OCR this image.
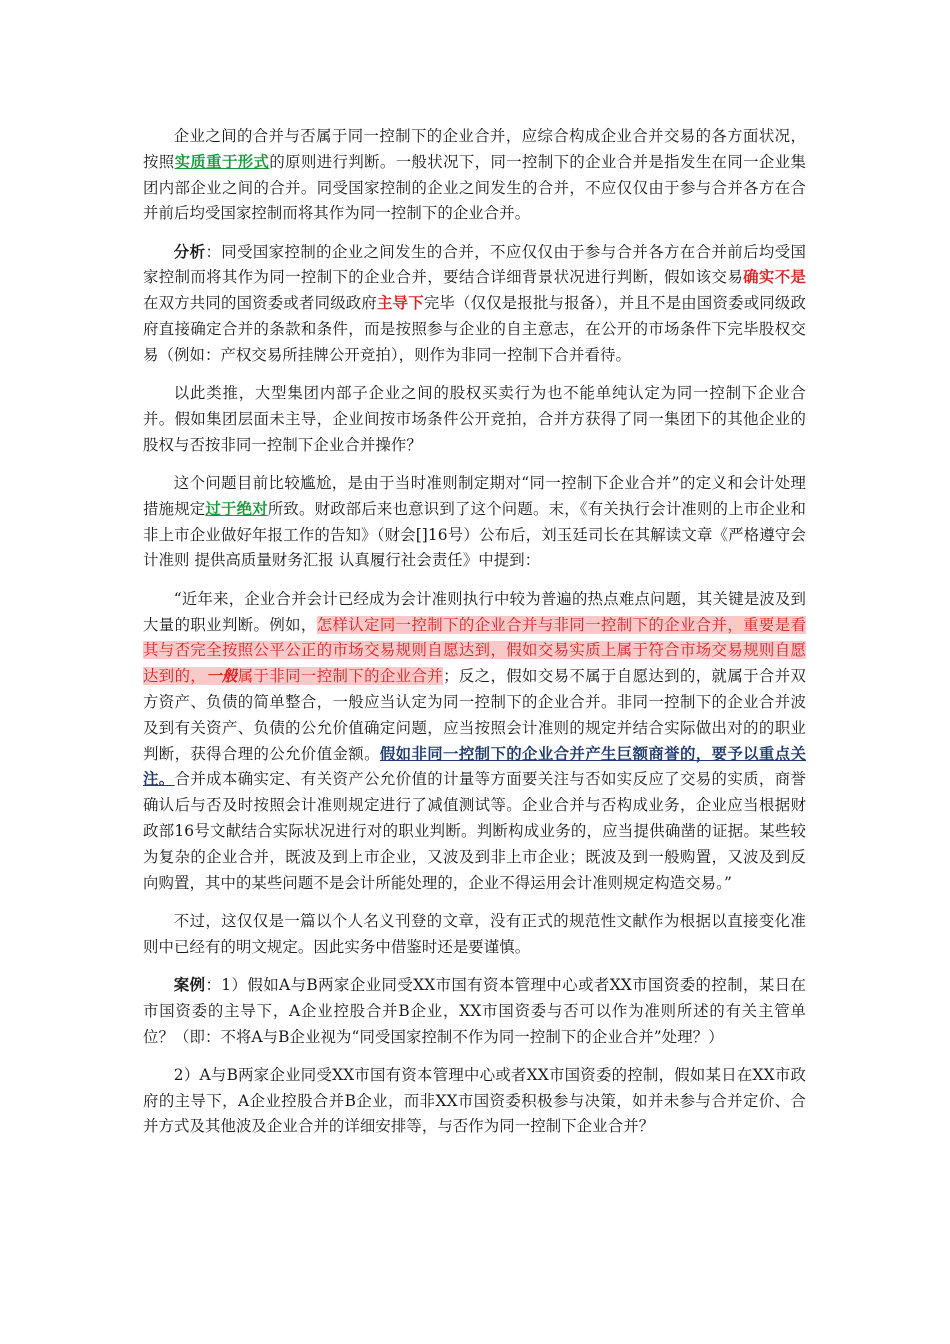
企业之间的合并与否属于同一控制下的企业合并，应综合构成企业合并交易的各方面状况，按照实质重于形式的原则进行判断。一般状况下，同一控制下的企业合并是指发生在同一企业集团内部企业之间的合并。同受国家控制的企业之间发生的合并，不应仅仅由于参与合并各方在合并前后均受国家控制而将其作为同一控制下的企业合并。

分析：同受国家控制的企业之间发生的合并，不应仅仅由于参与合并各方在合并前后均受国家控制而将其作为同一控制下的企业合并，要结合详细背景状况进行判断，假如该交易确实不是在双方共同的国资委或者同级政府主导下完毕（仅仅是报批与报备），并且不是由国资委或同级政府直接确定合并的条款和条件，而是按照参与企业的自主意志，在公开的市场条件下完毕股权交易（例如：产权交易所挂牌公开竞拍），则作为非同一控制下合并看待。

以此类推，大型集团内部子企业之间的股权买卖行为也不能单纯认定为同一控制下企业合并。假如集团层面未主导，企业间按市场条件公开竞拍，合并方获得了同一集团下的其他企业的股权与否按非同一控制下企业合并操作？

这个问题目前比较尴尬，是由于当时准则制定期对“同一控制下企业合并”的定义和会计处理措施规定过于绝对所致。财政部后来也意识到了这个问题。末，《有关执行会计准则的上市企业和非上市企业做好年报工作的告知》（财会[]16号）公布后，刘玉廷司长在其解读文章《严格遵守会计准则 提供高质量财务汇报 认真履行社会责任》中提到：

“近年来，企业合并会计已经成为会计准则执行中较为普遍的热点难点问题，其关键是波及到大量的职业判断。例如，怎样认定同一控制下的企业合并与非同一控制下的企业合并，重要是看其与否完全按照公平公正的市场交易规则自愿达到，假如交易实质上属于符合市场交易规则自愿达到的，一般属于非同一控制下的企业合并；反之，假如交易不属于自愿达到的，就属于合并双方资产、负债的简单整合，一般应当认定为同一控制下的企业合并。非同一控制下的企业合并波及到有关资产、负债的公允价值确定问题，应当按照会计准则的规定并结合实际做出对的的职业判断，获得合理的公允价值金额。假如非同一控制下的企业合并产生巨额商誉的，要予以重点关注。合并成本确实定、有关资产公允价值的计量等方面要关注与否如实反应了交易的实质，商誉确认后与否及时按照会计准则规定进行了减值测试等。企业合并与否构成业务，企业应当根据财政部16号文献结合实际状况进行对的职业判断。判断构成业务的，应当提供确凿的证据。某些较为复杂的企业合并，既波及到上市企业，又波及到非上市企业；既波及到一般购置，又波及到反向购置，其中的某些问题不是会计所能处理的，企业不得运用会计准则规定构造交易。”

不过，这仅仅是一篇以个人名义刊登的文章，没有正式的规范性文献作为根据以直接变化准则中已经有的明文规定。因此实务中借鉴时还是要谨慎。

案例：1）假如A与B两家企业同受XX市国有资本管理中心或者XX市国资委的控制，某日在市国资委的主导下，A企业控股合并B企业，XX市国资委与否可以作为准则所述的有关主管单位？（即：不将A与B企业视为“同受国家控制不作为同一控制下的企业合并”处理？）

2）A与B两家企业同受XX市国有资本管理中心或者XX市国资委的控制，假如某日在XX市政府的主导下，A企业控股合并B企业，而非XX市国资委积极参与决策，如并未参与合并定价、合并方式及其他波及企业合并的详细安排等，与否作为同一控制下企业合并？
